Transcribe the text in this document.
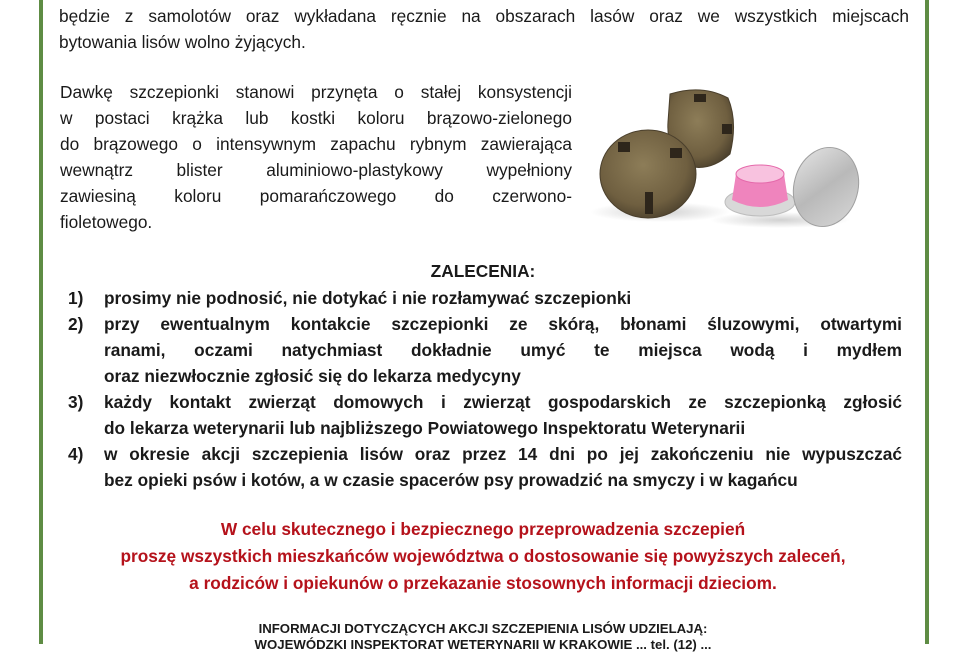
będzie z samolotów oraz wykładana ręcznie na obszarach lasów oraz we wszystkich miejscach
bytowania lisów wolno żyjących.
Dawkę szczepionki stanowi przynęta o stałej konsystencji
w postaci krążka lub kostki koloru brązowo-zielonego
do brązowego o intensywnym zapachu rybnym zawierająca
wewnątrz blister aluminiowo-plastykowy wypełniony
zawiesiną koloru pomarańczowego do czerwono-
fioletowego.
ZALECENIA:
1) prosimy nie podnosić, nie dotykać i nie rozłamywać szczepionki
2) przy ewentualnym kontakcie szczepionki ze skórą, błonami śluzowymi, otwartymi
ranami, oczami natychmiast dokładnie umyć te miejsca wodą i mydłem
oraz niezwłocznie zgłosić się do lekarza medycyny
3) każdy kontakt zwierząt domowych i zwierząt gospodarskich ze szczepionką zgłosić
do lekarza weterynarii lub najbliższego Powiatowego Inspektoratu Weterynarii
4) w okresie akcji szczepienia lisów oraz przez 14 dni po jej zakończeniu nie wypuszczać
bez opieki psów i kotów, a w czasie spacerów psy prowadzić na smyczy i w kagańcu
W celu skutecznego i bezpiecznego przeprowadzenia szczepień
proszę wszystkich mieszkańców województwa o dostosowanie się powyższych zaleceń,
a rodziców i opiekunów o przekazanie stosownych informacji dzieciom.
INFORMACJI DOTYCZĄCYCH AKCJI SZCZEPIENIA LISÓW UDZIELAJĄ:
WOJEWÓDZKI INSPEKTORAT WETERYNARII W KRAKOWIE ... tel. (12) ...
